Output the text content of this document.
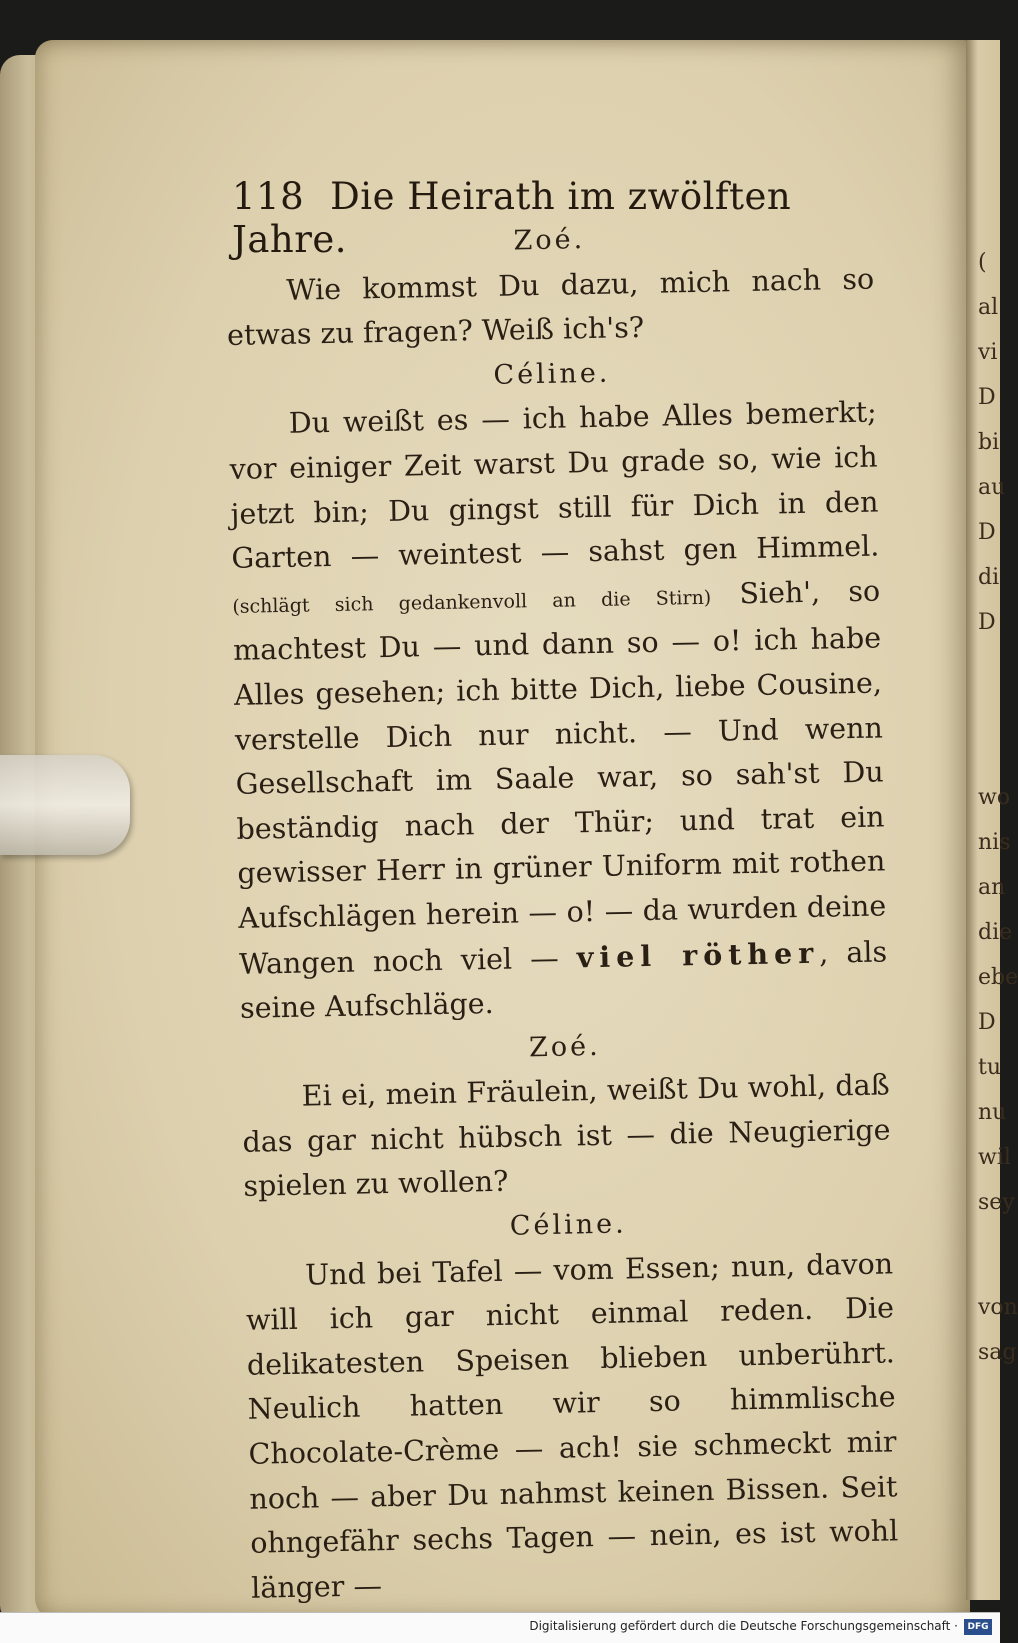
(
al
vi
D
bi
au
D
di
D
wo
nis
an
die
ebe
D
tu
nu
wil
sey
von
sag
118 Die Heirath im zwölften Jahre.	Zoé.
Wie kommst Du dazu, mich nach so etwas zu fragen? Weiß ich's?
Céline.
Du weißt es — ich habe Alles bemerkt; vor einiger Zeit warst Du grade so, wie ich jetzt bin; Du gingst still für Dich in den Garten — weintest — sahst gen Himmel. (schlägt sich gedankenvoll an die Stirn) Sieh', so machtest Du — und dann so — o! ich habe Alles gesehen; ich bitte Dich, liebe Cousine, verstelle Dich nur nicht. — Und wenn Gesellschaft im Saale war, so sah'st Du beständig nach der Thür; und trat ein gewisser Herr in grüner Uniform mit rothen Aufschlägen herein — o! — da wurden deine Wangen noch viel — viel röther, als seine Aufschläge.
Zoé.
Ei ei, mein Fräulein, weißt Du wohl, daß das gar nicht hübsch ist — die Neugierige spielen zu wollen?
Céline.
Und bei Tafel — vom Essen; nun, davon will ich gar nicht einmal reden. Die delikatesten Speisen blieben unberührt. Neulich hatten wir so himmlische Chocolate-Crème — ach! sie schmeckt mir noch — aber Du nahmst keinen Bissen. Seit ohngefähr sechs Tagen — nein, es ist wohl länger —
Digitalisierung gefördert durch die Deutsche Forschungsgemeinschaft ·	DFG
